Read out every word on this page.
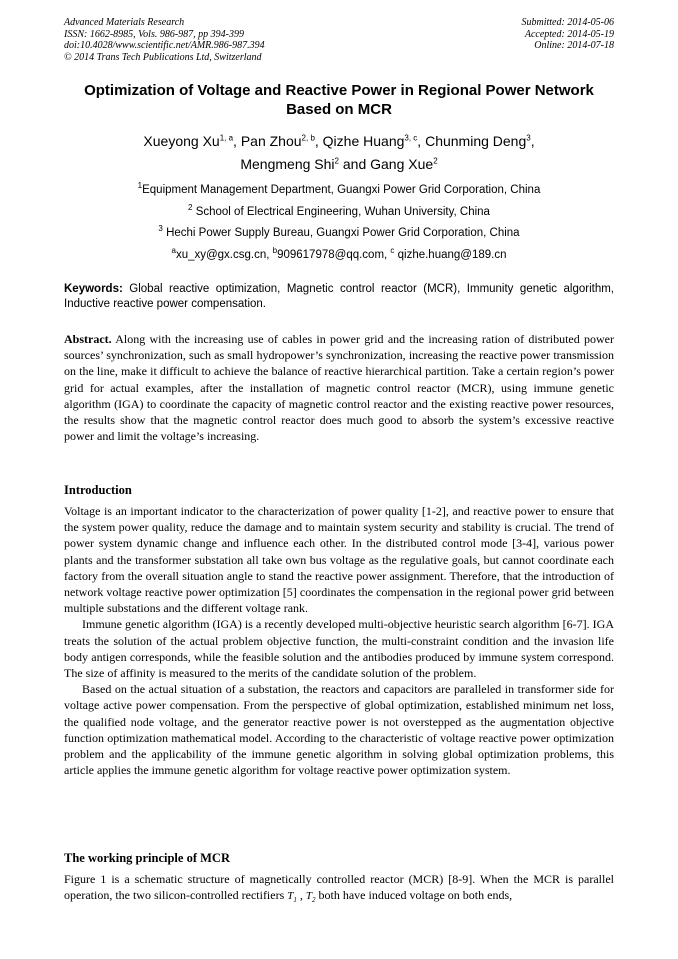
Advanced Materials Research
ISSN: 1662-8985, Vols. 986-987, pp 394-399
doi:10.4028/www.scientific.net/AMR.986-987.394
© 2014 Trans Tech Publications Ltd, Switzerland
Submitted: 2014-05-06
Accepted: 2014-05-19
Online: 2014-07-18
Optimization of Voltage and Reactive Power in Regional Power Network
Based on MCR
Xueyong Xu$^{1, a}$, Pan Zhou$^{2, b}$, Qizhe Huang$^{3, c}$, Chunming Deng$^3$,
Mengmeng Shi$^2$ and Gang Xue$^2$
$^1$Equipment Management Department, Guangxi Power Grid Corporation, China
$^2$ School of Electrical Engineering, Wuhan University, China
$^3$ Hechi Power Supply Bureau, Guangxi Power Grid Corporation, China
$^a$xu_xy@gx.csg.cn, $^b$909617978@qq.com, $^c$ qizhe.huang@189.cn
Keywords: Global reactive optimization, Magnetic control reactor (MCR), Immunity genetic algorithm, Inductive reactive power compensation.
Abstract. Along with the increasing use of cables in power grid and the increasing ration of distributed power sources’ synchronization, such as small hydropower’s synchronization, increasing the reactive power transmission on the line, make it difficult to achieve the balance of reactive hierarchical partition. Take a certain region’s power grid for actual examples, after the installation of magnetic control reactor (MCR), using immune genetic algorithm (IGA) to coordinate the capacity of magnetic control reactor and the existing reactive power resources, the results show that the magnetic control reactor does much good to absorb the system’s excessive reactive power and limit the voltage’s increasing.
Introduction

Voltage is an important indicator to the characterization of power quality [1-2], and reactive power to ensure that the system power quality, reduce the damage and to maintain system security and stability is crucial. The trend of power system dynamic change and influence each other. In the distributed control mode [3-4], various power plants and the transformer substation all take own bus voltage as the regulative goals, but cannot coordinate each factory from the overall situation angle to stand the reactive power assignment. Therefore, that the introduction of network voltage reactive power optimization [5] coordinates the compensation in the regional power grid between multiple substations and the different voltage rank.

Immune genetic algorithm (IGA) is a recently developed multi-objective heuristic search algorithm [6-7]. IGA treats the solution of the actual problem objective function, the multi-constraint condition and the invasion life body antigen corresponds, while the feasible solution and the antibodies produced by immune system correspond. The size of affinity is measured to the merits of the candidate solution of the problem.

Based on the actual situation of a substation, the reactors and capacitors are paralleled in transformer side for voltage active power compensation. From the perspective of global optimization, established minimum net loss, the qualified node voltage, and the generator reactive power is not overstepped as the augmentation objective function optimization mathematical model. According to the characteristic of voltage reactive power optimization problem and the applicability of the immune genetic algorithm in solving global optimization problems, this article applies the immune genetic algorithm for voltage reactive power optimization system.

The working principle of MCR

Figure 1 is a schematic structure of magnetically controlled reactor (MCR) [8-9]. When the MCR is parallel operation, the two silicon-controlled rectifiers $T_1$ , $T_2$ both have induced voltage on both ends,
